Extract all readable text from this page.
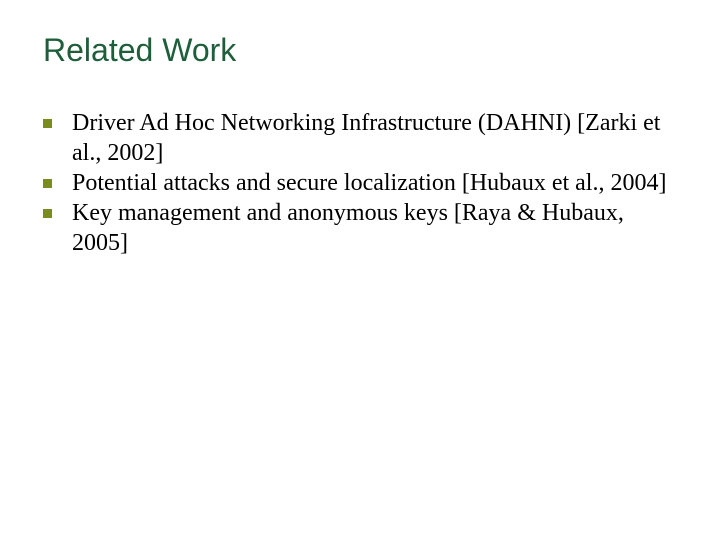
Related Work
Driver Ad Hoc Networking Infrastructure (DAHNI) [Zarki et al., 2002]
Potential attacks and secure localization [Hubaux et al., 2004]
Key management and anonymous keys [Raya & Hubaux, 2005]
